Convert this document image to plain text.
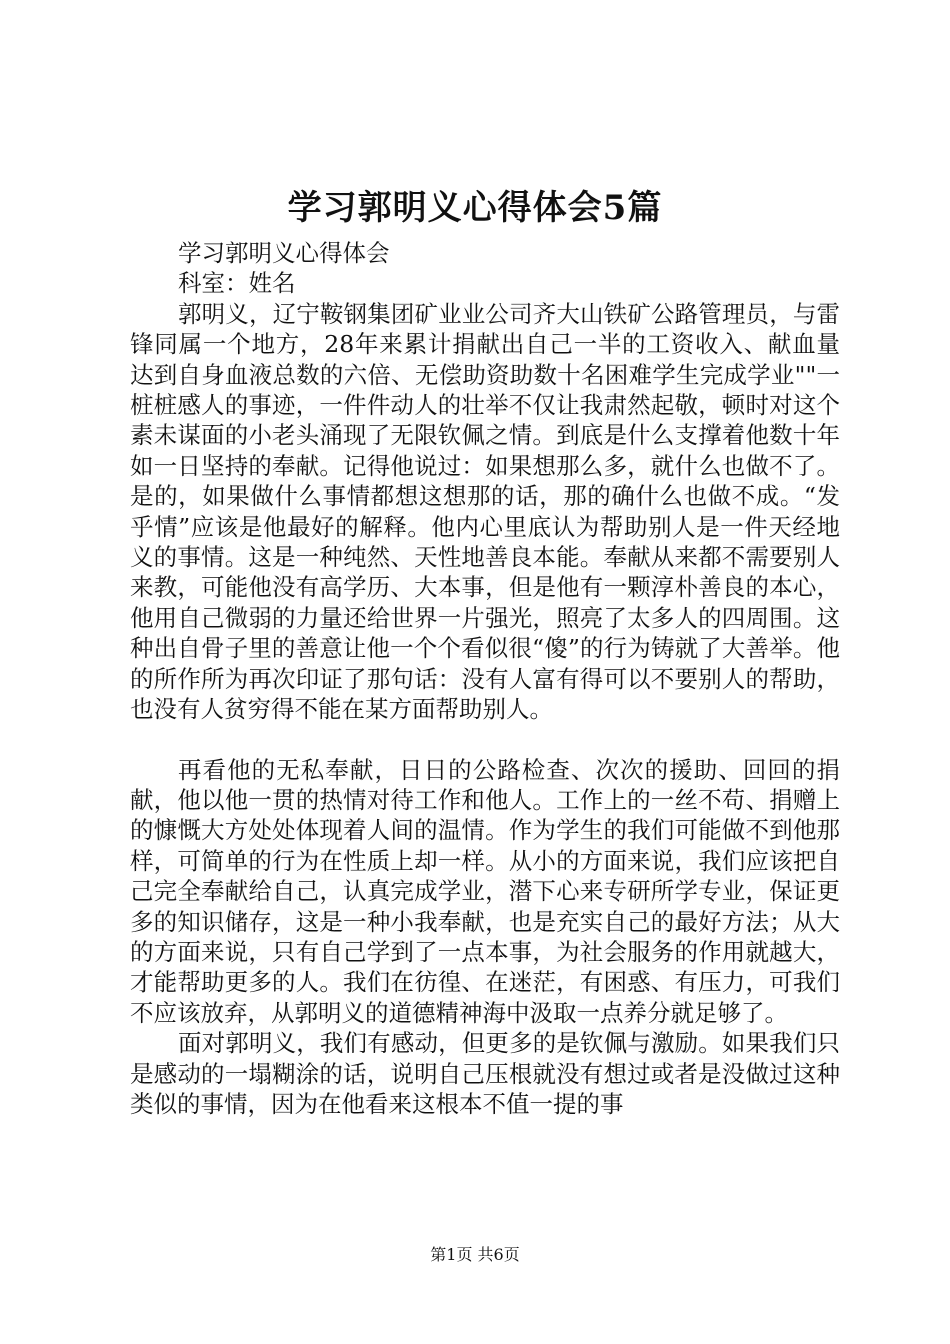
学习郭明义心得体会5篇

学习郭明义心得体会

科室：姓名

郭明义，辽宁鞍钢集团矿业业公司齐大山铁矿公路管理员，与雷锋同属一个地方，28年来累计捐献出自己一半的工资收入、献血量达到自身血液总数的六倍、无偿助资助数十名困难学生完成学业""一桩桩感人的事迹，一件件动人的壮举不仅让我肃然起敬，顿时对这个素未谋面的小老头涌现了无限钦佩之情。到底是什么支撑着他数十年如一日坚持的奉献。记得他说过：如果想那么多，就什么也做不了。是的，如果做什么事情都想这想那的话，那的确什么也做不成。“发乎情”应该是他最好的解释。他内心里底认为帮助别人是一件天经地义的事情。这是一种纯然、天性地善良本能。奉献从来都不需要别人来教，可能他没有高学历、大本事，但是他有一颗淳朴善良的本心，他用自己微弱的力量还给世界一片强光，照亮了太多人的四周围。这种出自骨子里的善意让他一个个看似很“傻”的行为铸就了大善举。他的所作所为再次印证了那句话：没有人富有得可以不要别人的帮助，也没有人贫穷得不能在某方面帮助别人。

再看他的无私奉献，日日的公路检查、次次的援助、回回的捐献，他以他一贯的热情对待工作和他人。工作上的一丝不苟、捐赠上的慷慨大方处处体现着人间的温情。作为学生的我们可能做不到他那样，可简单的行为在性质上却一样。从小的方面来说，我们应该把自己完全奉献给自己，认真完成学业，潜下心来专研所学专业，保证更多的知识储存，这是一种小我奉献，也是充实自己的最好方法；从大的方面来说，只有自己学到了一点本事，为社会服务的作用就越大，才能帮助更多的人。我们在彷徨、在迷茫，有困惑、有压力，可我们不应该放弃，从郭明义的道德精神海中汲取一点养分就足够了。

面对郭明义，我们有感动，但更多的是钦佩与激励。如果我们只是感动的一塌糊涂的话，说明自己压根就没有想过或者是没做过这种类似的事情，因为在他看来这根本不值一提的事

第1页 共6页
